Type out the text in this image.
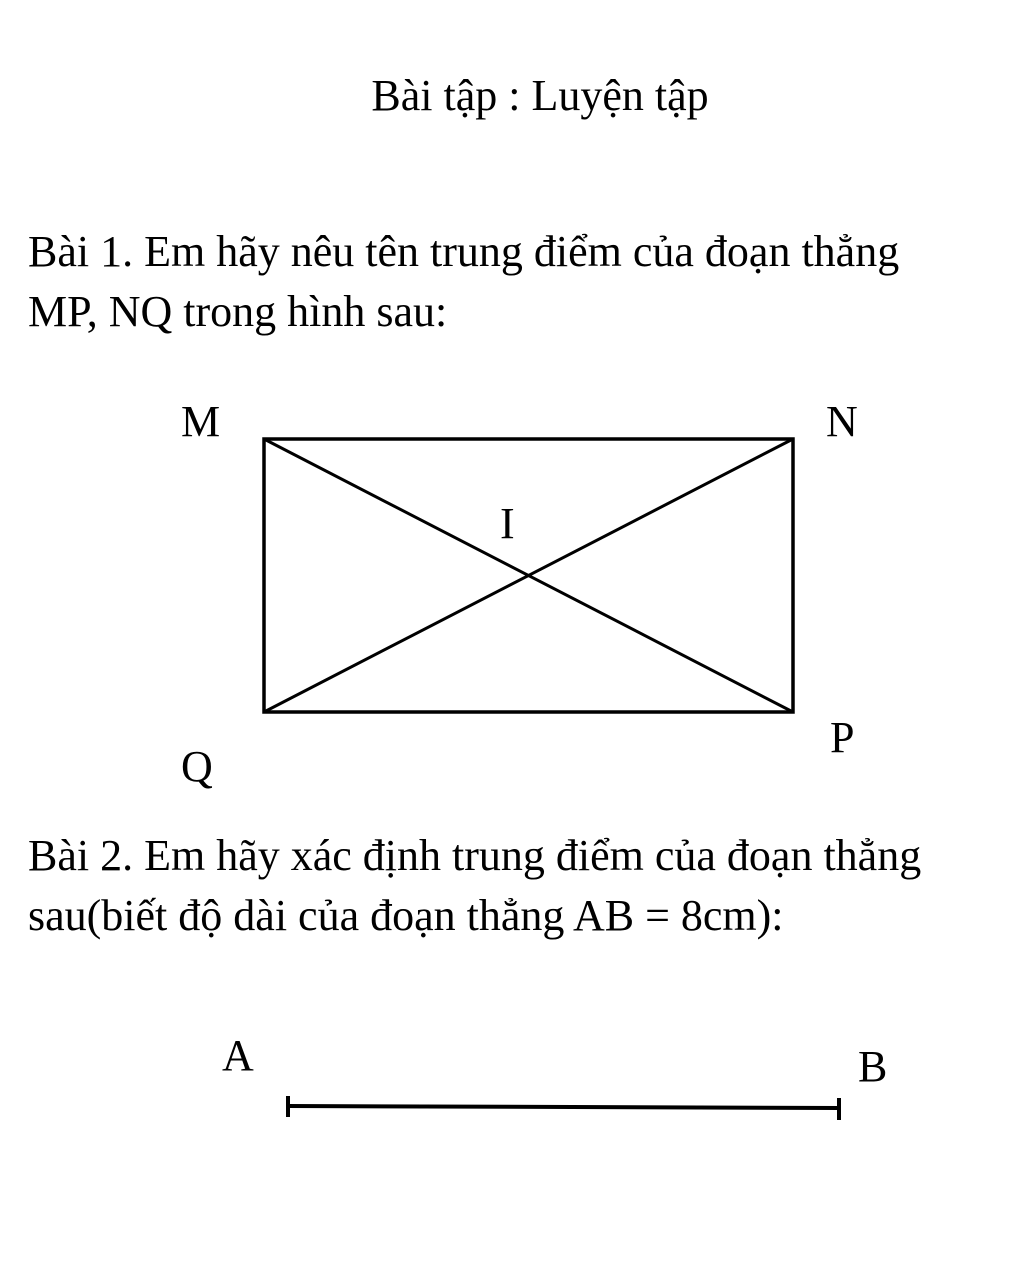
Bài tập : Luyện tập
Bài 1. Em hãy nêu tên trung điểm của đoạn thẳng
MP, NQ trong hình sau:
Bài 2. Em hãy xác định trung điểm của đoạn thẳng
sau(biết độ dài của đoạn thẳng AB = 8cm):
M	N
P
Q
I
A	B
